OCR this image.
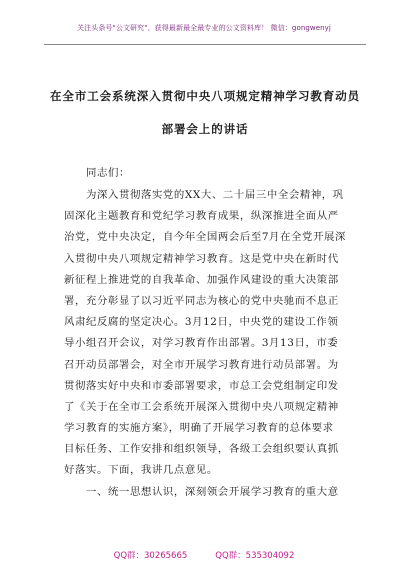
关注头条号"公文研究"，获得最新最全最专业的公文资料库！ 微信：gongwenyj
在全市工会系统深入贯彻中央八项规定精神学习教育动员
部署会上的讲话
同志们：
为深入贯彻落实党的XX大、二十届三中全会精神，巩
固深化主题教育和党纪学习教育成果，纵深推进全面从严
治党，党中央决定，自今年全国两会后至7月在全党开展深
入贯彻中央八项规定精神学习教育。这是党中央在新时代
新征程上推进党的自我革命、加强作风建设的重大决策部
署，充分彰显了以习近平同志为核心的党中央驰而不息正
风肃纪反腐的坚定决心。3月12日，中央党的建设工作领
导小组召开会议，对学习教育作出部署。3月13日，市委
召开动员部署会，对全市开展学习教育进行动员部署。为
贯彻落实好中央和市委部署要求，市总工会党组制定印发
了《关于在全市工会系统开展深入贯彻中央八项规定精神
学习教育的实施方案》，明确了开展学习教育的总体要求
目标任务、工作安排和组织领导，各级工会组织要认真抓
好落实。下面，我讲几点意见。
一、统一思想认识，深刻领会开展学习教育的重大意
QQ群：30265665	QQ群：535304092
